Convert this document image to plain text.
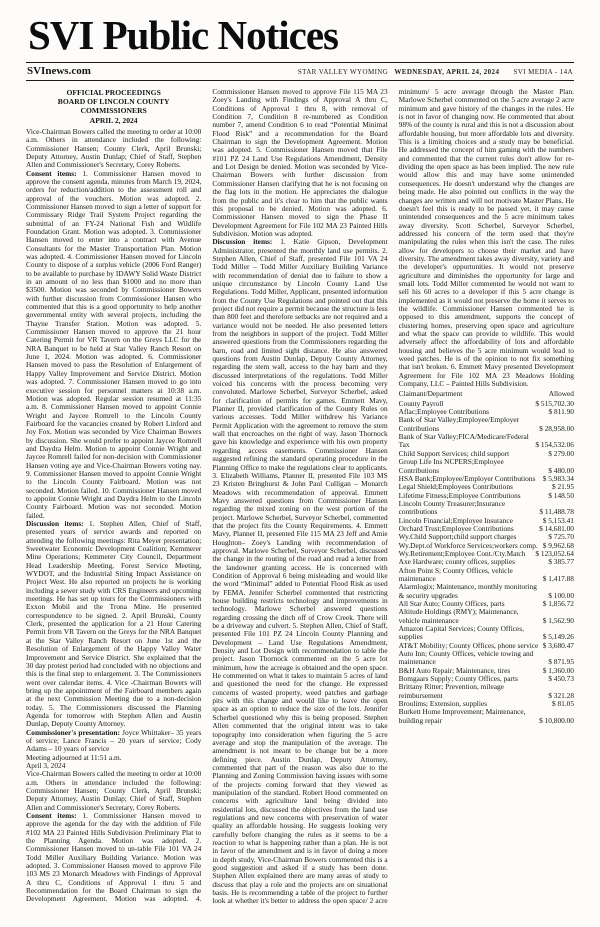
SVI Public Notices
SVInews.com	STAR VALLEY WYOMING WEDNESDAY, APRIL 24, 2024 SVI MEDIA - 14A
OFFICIAL PROCEEDINGS
BOARD OF LINCOLN COUNTY COMMISSIONERS
APRIL 2, 2024

Vice-Chairman Bowers called the meeting to order at 10:00 a.m. Others in attendance included the following: Commissioner Hansen; County Clerk, April Brunski; Deputy Attorney, Austin Dunlap; Chief of Staff, Stephen Allen and Commissioner's Secretary, Corey Roberts.

Consent items: 1. Commissioner Hansen moved to approve the consent agenda, minutes from March 19, 2024, orders for reduction/addition to the assessment roll and approval of the vouchers. Motion was adopted. 2. Commissioner Hansen moved to sign a letter of support for Commissary Ridge Trail System Project regarding the submittal of an FY-24 National Fish and Wildlife Foundation Grant. Motion was adopted. 3. Commissioner Hansen moved to enter into a contract with Avenue Consultants for the Master Transportation Plan. Motion was adopted. 4. Commissioner Hansen moved for Lincoln County to dispose of a surplus vehicle (2006 Ford Ranger) to be available to purchase by IDAWY Solid Waste District in an amount of no less than $1000 and no more than $3500. Motion was seconded by Commissioner Bowers with further discussion from Commissioner Hansen who commented that this is a good opportunity to help another governmental entity with several projects, including the Thayne Transfer Station. Motion was adopted. 5. Commissioner Hansen moved to approve the 21 hour Catering Permit for VR Tavern on the Greys LLC for the NRA Banquet to be held at Star Valley Ranch Resort on June 1, 2024. Motion was adopted. 6. Commissioner Hansen moved to pass the Resolution of Enlargement of Happy Valley Improvement and Service District. Motion was adopted. 7. Commissioner Hansen moved to go into executive session for personnel matters at 10:38 a.m. Motion was adopted. Regular session resumed at 11:35 a.m. 8. Commissioner Hansen moved to appoint Connie Wright and Jaycee Romrell to the Lincoln County Fairboard for the vacancies created by Robert Linford and Joy Fox. Motion was seconded by Vice Chairman Bowers by discussion. She would prefer to appoint Jaycee Romrell and Daydra Helm. Motion to appoint Connie Wright and Jaycee Romrell failed for non-decision with Commissioner Hansen voting aye and Vice-Chairman Bowers voting nay. 9. Commissioner Hansen moved to appoint Connie Wright to the Lincoln County Fairboard. Motion was not seconded. Motion failed. 10. Commissioner Hansen moved to appoint Connie Wright and Daydra Helm to the Lincoln County Fairboard. Motion was not seconded. Motion failed.

Discussion items: 1. Stephen Allen, Chief of Staff, presented years of service awards and reported on attending the following meetings: Rita Meyer presentation; Sweetwater Economic Development Coalition; Kemmerer Mine Operations; Kemmerer City Council, Department Head Leadership Meeting, Forest Service Meeting, WYDOT, and the Industrial Siting Impact Assistance on Project West. He also reported on projects he is working including a sewer study with CRS Engineers and upcoming meetings. He has set up tours for the Commissioners with Exxon Mobil and the Trona Mine. He presented correspondence to be signed. 2. April Brunski, County Clerk, presented the application for a 21 Hour Catering Permit from VR Tavern on the Greys for the NRA Banquet at the Star Valley Ranch Resort on June 1st and the Resolution of Enlargement of the Happy Valley Water Improvement and Service District. She explained that the 30 day protest period had concluded with no objections and this is the final step to enlargement. 3. The Commissioners went over calendar items. 4. Vice -Chairman Bowers will bring up the appointment of the Fairboard members again at the next Commission Meeting due to a non-decision today. 5. The Commissioners discussed the Planning Agenda for tomorrow with Stephen Allen and Austin Dunlap, Deputy County Attorney.

Commissioner's presentation: Joyce Whittaker– 35 years of service; Lance Francis – 20 years of service; Cody Adams – 10 years of service

Meeting adjourned at 11:51 a.m.

April 3, 2024

Vice-Chairman Bowers called the meeting to order at 10:00 a.m. Others in attendance included the following: Commissioner Hansen; County Clerk, April Brunski; Deputy Attorney, Austin Dunlap; Chief of Staff, Stephen Allen and Commissioner's Secretary, Corey Roberts.

Consent items: 1. Commissioner Hansen moved to approve the agenda for the day with the addition of File #102 MA 23 Painted Hills Subdivision Preliminary Plat to the Planning Agenda. Motion was adopted. 2. Commissioner Hansen moved to un-table File 101 VA 24 Todd Miller Auxiliary Building Variance. Motion was adopted. 3. Commissioner Hansen moved to approve File 103 MS 23 Monarch Meadows with Findings of Approval A thru C, Conditions of Approval 1 thru 5 and Recommendation for the Board Chairman to sign the Development Agreement. Motion was adopted. 4. Commissioner Hansen moved to approve File 115 MA 23 Zoey's Landing with Findings of Approval A thru C, Conditions of Approval 1 thru 8, with removal of Condition 7, Condition 8 re-numbered as Condition number 7, amend Condition 6 to read “Potential Minimal Flood Risk” and a recommendation for the Board Chairman to sign the Development Agreement. Motion was adopted. 5. Commissioner Hansen moved that File #101 PZ 24 Land Use Regulations Amendment, Density and Lot Design be denied. Motion was seconded by Vice-Chairman Bowers with further discussion from Commissioner Hansen clarifying that he is not focusing on the flag lots in the motion. He appreciates the dialogue from the public and it's clear to him that the public wants this proposal to be denied. Motion was adopted. 6. Commissioner Hansen moved to sign the Phase II Development Agreement for File 102 MA 23 Painted Hills Subdivision. Motion was adopted.

Discussion items: 1. Katie Gipson, Development Administrator, presented the monthly land use permits. 2. Stephen Allen, Chief of Staff, presented File 101 VA 24 Todd Miller – Todd Miller Auxiliary Building Variance with recommendation of denial due to failure to show a unique circumstance by Lincoln County Land Use Regulations. Todd Miller, Applicant, presented information from the County Use Regulations and pointed out that this project did not require a permit because the structure is less than 800 feet and therefore setbacks are not required and a variance would not be needed. He also presented letters from the neighbors in support of the project. Todd Miller answered questions from the Commissioners regarding the barn, road and limited sight distance. He also answered questions from Austin Dunlap, Deputy County Attorney, regarding the stem wall, access to the hay barn and they discussed interpretations of the regulations. Todd Miller voiced his concerns with the process becoming very convoluted. Marlowe Scherbel, Surveyor Scherbel, asked for clarification of permits for games. Emmett Mavy, Planner II, provided clarification of the County Rules on various accesses. Todd Miller withdrew his Variance Permit Application with the agreement to remove the stem wall that encroaches on the right of way. Jason Thornock gave his knowledge and experience with his own property regarding access easements. Commissioner Hansen suggested refining the standard operating procedure in the Planning Office to make the regulations clear to applicants. 3. Elizabeth Williams, Planner II, presented File 103 MS 23 Kristen Bringhurst & John Paul Culligan – Monarch Meadows with recommendation of approval. Emmett Mavy answered questions from Commissioner Hansen regarding the mixed zoning on the west portion of the project. Marlowe Scherbel, Surveyor Scherbel, commented that the project fits the County Requirements. 4. Emmett Mavy, Planner II, presented File 115 MA 23 Jeff and Amie Houghton– Zoey's Landing with recommendation of approval. Marlowe Scherbel, Surveyor Scherbel, discussed the change in the routing of the road and read a letter from the landowner granting access. He is concerned with Condition of Approval 6 being misleading and would like the word “Minimal” added to Potential Flood Risk as used by FEMA. Jennifer Scherbel commented that restricting house building restricts technology and improvements in technology. Marlowe Scherbel answered questions regarding crossing the ditch off of Crow Creek. There will be a driveway and culvert. 5. Stephen Allen, Chief of Staff, presented File 101 PZ 24 Lincoln County Planning and Development – Land Use Regulations Amendment, Density and Lot Design with recommendation to table the project. Jason Thornock commented on the 5 acre lot minimum, how the acreage is obtained and the open space. He commented on what it takes to maintain 5 acres of land and questioned the need for the change. He expressed concerns of wasted property, weed patches and garbage pits with this change and would like to leave the open space as an option to reduce the size of the lots. Jennifer Scherbel questioned why this is being proposed. Stephen Allen commented that the original intent was to take topography into consideration when figuring the 5 acre average and stop the manipulation of the average. The amendment is not meant to be change but be a more defining piece. Austin Dunlap, Deputy Attorney, commented that part of the reason was also due to the Planning and Zoning Commission having issues with some of the projects coming forward that they viewed as manipulation of the standard. Robert Hood commented on concerns with agriculture land being divided into residential lots, discussed the objectives from the land use regulations and new concerns with preservation of water quality an affordable housing. He suggests looking very carefully before changing the rules as it seems to be a reaction to what is happening rather than a plan. He is not in favor of the amendment and is in favor of doing a more in depth study. Vice-Chairman Bowers commented this is a good suggestion and asked if a study has been done. Stephen Allen explained there are many areas of study to discuss that play a role and the projects are on situational basis. He is recommending a table of the project to further look at whether it's better to address the open space/ 2 acre minimum/ 5 acre average through the Master Plan. Marlowe Scherbel commented on the 5 acre average 2 acre minimum and gave history of the changes in the rules. He is not in favor of changing now. He commented that about 98% of the county is rural and this is not a discussion about affordable housing, but more affordable lots and diversity. This is a limiting choices and a study may be beneficial. He addressed the concept of him gaming with the numbers and commented that the current rules don't allow for re-dividing the open space as has been implied. The new rule would allow this and may have some unintended consequences. He doesn't understand why the changes are being made. He also pointed out conflicts in the way the changes are written and will not motivate Master Plans. He doesn't feel this is ready to be passed yet, it may cause unintended consequences and the 5 acre minimum takes away diversity. Scott Scherbel, Surveyor Scherbel, addressed his concern of the term used that they're manipulating the rules when this isn't the case. The rules allow for developers to choose their market and have diversity. The amendment takes away diversity, variety and the developer's opportunities. It would not preserve agriculture and diminishes the opportunity for large and small lots. Todd Miller commented he would not want to sell his 60 acres to a developer if this 5 acre change is implemented as it would not preserve the home it serves to the wildlife. Commissioner Hansen commented he is opposed to this amendment, supports the concept of clustering homes, preserving open space and agriculture and what the space can provide to wildlife. This would adversely affect the affordability of lots and affordable housing and believes the 5 acre minimum would lead to weed patches. He is of the opinion to not fix something that isn't broken. 6. Emmett Mavy presented Development Agreement for File 102 MA 23 Meadows Holding Company, LLC – Painted Hills Subdivision.

Claimant/Department	Allowed
County Payroll	$ 515,702.30
Aflac;Employee Contributions	$ 811.90
Bank of Star Valley;Employee/Employer Contributions	$ 28,958.00
Bank of Star Valley;FICA/Medicare/Federal Tax	$ 154,532.06
Child Support Services; child support	$ 279.00
Group Life Ins NCPERS;Employee Contributions	$ 480.00
HSA Bank;Employee/Employer Contributions $ 5,983.34
Legal Shield;Employees Contributions	$ 21.95
Lifetime Fitness;Employee Contributions	$ 148.50
Lincoln County Treasurer;Insurance contributions	$ 11,488.78
Lincoln Financial;Employee Insurance	$ 5,153.41
Orchard Trust;Employee Contributions	$ 14,681.00
Wy.Child Support;child support charges	$ 725.70
Wy.Dept.of Workforce Services;workers comp. $ 9,962.68
Wy.Retirement;Employee Cont./Cty.Match $ 123,052.64
Axe Hardware; county offices, supplies	$ 385.77
Afton Point S; County Offices, vehicle maintenance	$ 1,417.88
Alarmlogix; Maintenance, monthly monitoring & security upgrades	$ 100.00
All Star Auto; County Offices, parts	$ 1,856.72
Altitude Holdings (RMY); Maintenance, vehicle maintenance	$ 1,562.90
Amazon Capital Services; County Offices, supplies	$ 5,149.26
AT&T Mobility; County Offices, phone service $ 3,680.47
Auto Inn; County Offices, vehicle towing and maintenance	$ 871.95
B&H Auto Repair; Maintenance, tires	$ 1,360.00
Bomgaars Supply; County Offices, parts	$ 450.73
Brittany Ritter; Prevention, mileage reimbursement	$ 321.28
Broulims; Extension, supplies	$ 81.05
Burkett Home Improvement; Maintenance, building repair	$ 10,800.00
